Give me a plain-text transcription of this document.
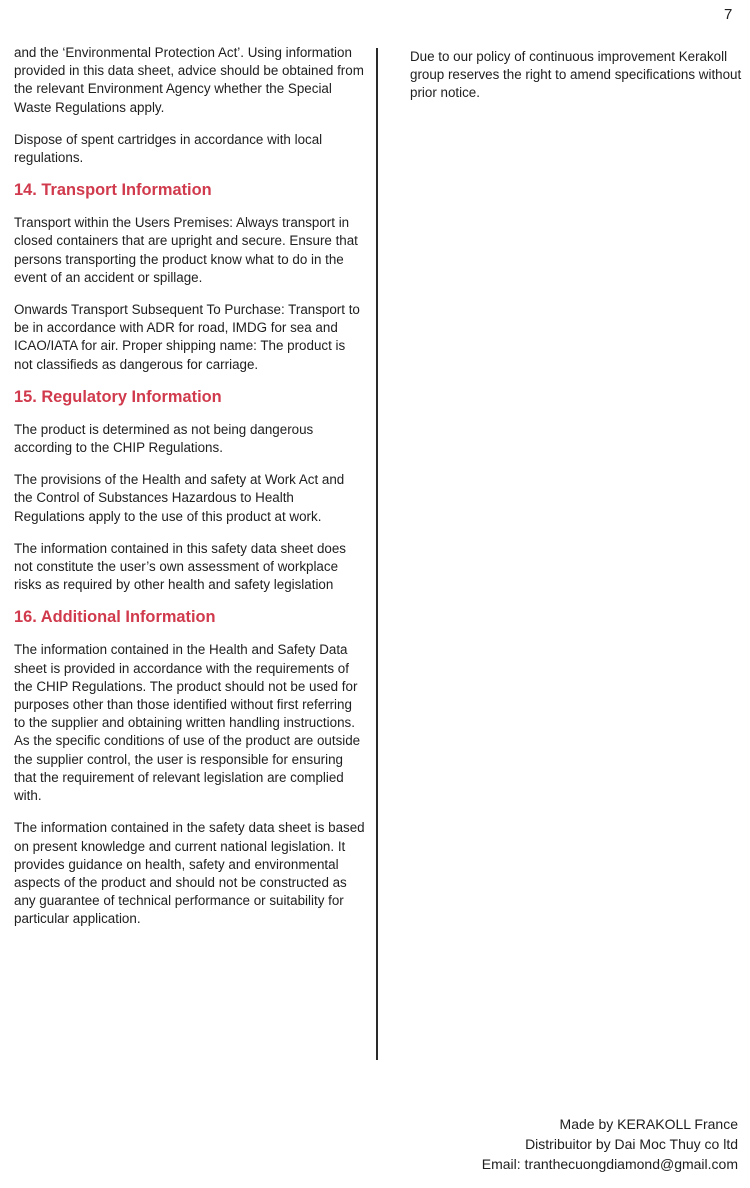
7

and the ‘Environmental Protection Act’. Using information provided in this data sheet, advice should be obtained from the relevant Environment Agency whether the Special Waste Regulations apply.

Dispose of spent cartridges in accordance with local regulations.

14. Transport Information

Transport within the Users Premises: Always transport in closed containers that are upright and secure. Ensure that persons transporting the product know what to do in the event of an accident or spillage.

Onwards Transport Subsequent To Purchase: Transport to be in accordance with ADR for road, IMDG for sea and ICAO/IATA for air. Proper shipping name: The product is not classifieds as dangerous for carriage.

15. Regulatory Information

The product is determined as not being dangerous according to the CHIP Regulations.

The provisions of the Health and safety at Work Act and the Control of Substances Hazardous to Health Regulations apply to the use of this product at work.

The information contained in this safety data sheet does not constitute the user’s own assessment of workplace risks as required by other health and safety legislation

16. Additional Information

The information contained in the Health and Safety Data sheet is provided in accordance with the requirements of the CHIP Regulations. The product should not be used for purposes other than those identified without first referring to the supplier and obtaining written handling instructions. As the specific conditions of use of the product are outside the supplier control, the user is responsible for ensuring that the requirement of relevant legislation are complied with.

The information contained in the safety data sheet is based on present knowledge and current national legislation. It provides guidance on health, safety and environmental aspects of the product and should not be constructed as any guarantee of technical performance or suitability for particular application.

Due to our policy of continuous improvement Kerakoll group reserves the right to amend specifications without prior notice.

Made by KERAKOLL France
Distribuitor by Dai Moc Thuy co ltd
Email: tranthecuongdiamond@gmail.com
